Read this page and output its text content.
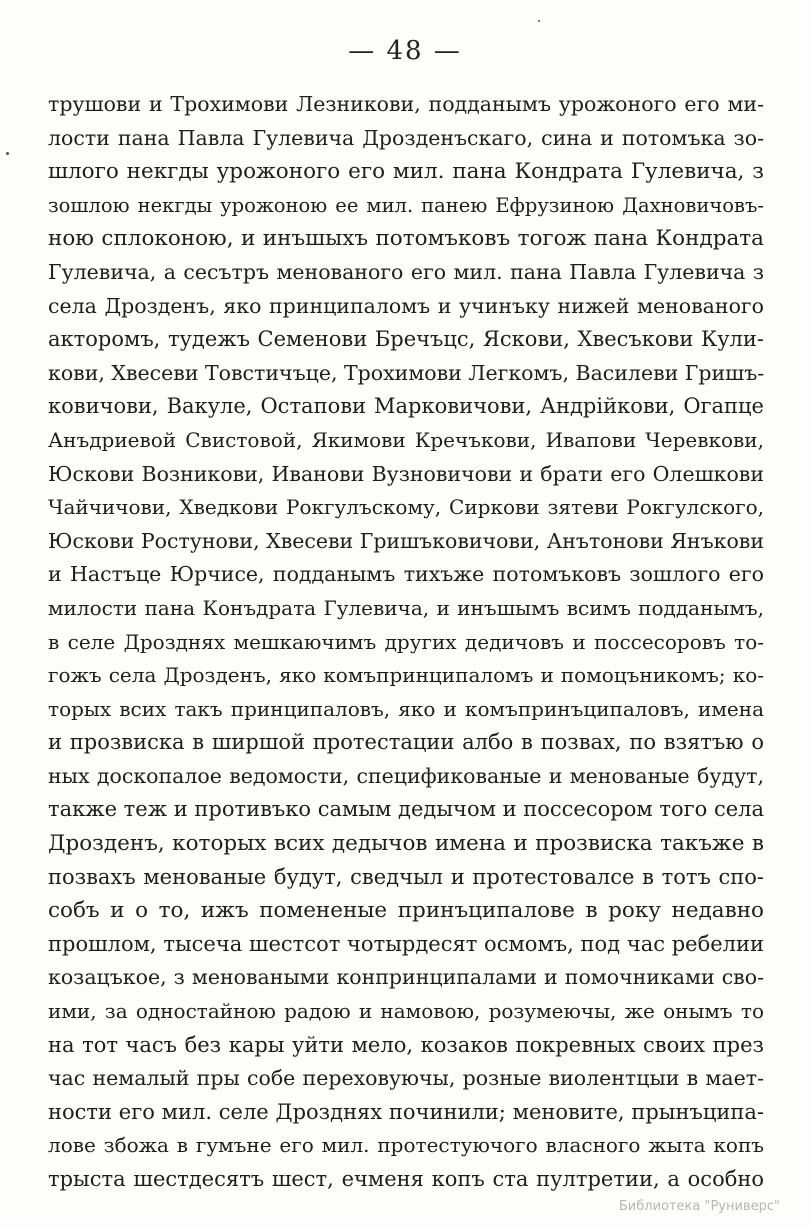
— 48 —
трушови и Трохимови Лезникови, подданымъ урожоного его ми-
лости пана Павла Гулевича Дрозденъскаго, сина и потомъка зо-
шлого некгды урожоного его мил. пана Кондрата Гулевича, з
зошлою некгды урожоною ее мил. панею Ефрузиною Дахновичовъ-
ною сплоконою, и инъшыхъ потомъковъ тогож пана Кондрата
Гулевича, а сесътръ менованого его мил. пана Павла Гулевича з
села Дрозденъ, яко принципаломъ и учинъку нижей менованого
акторомъ, тудежъ Семенови Бречъцс, Яскови, Хвесъкови Кули-
кови, Хвесеви Товстичъце, Трохимови Легкомъ, Василеви Гришъ-
ковичови, Вакуле, Остапови Марковичови, Андрійкови, Огапце
Анъдриевой Свистовой, Якимови Кречъкови, Ивапови Черевкови,
Юскови Возникови, Иванови Вузновичови и брати его Олешкови
Чайчичови, Хведкови Рокгулъскому, Сиркови зятеви Рокгулского,
Юскови Ростунови, Хвесеви Гришъковичови, Анътонови Янъкови
и Настъце Юрчисе, подданымъ тихъже потомъковъ зошлого его
милости пана Конъдрата Гулевича, и инъшымъ всимъ подданымъ,
в селе Дроздняx мешкаючимъ других дедичовъ и поссесоровъ то-
гожъ села Дрозденъ, яко комъпринципаломъ и помоцъникомъ; ко-
торых всих такъ принципаловъ, яко и комъпринъципаловъ, имена
и прозвиска в ширшой протестации албо в позвах, по взятъю о
ных доскопалое ведомости, спецификованые и менованые будут,
также теж и противъко самым дедычом и поссесором того села
Дрозденъ, которых всих дедычов имена и прозвиска такъже в
позвахъ менованые будут, сведчыл и протестовалсе в тотъ спо-
собъ и о то, ижъ помененые принъципалове в року недавно
прошлом, тысеча шестсот чотырдесят осмомъ, под час ребелии
козацъкое, з меноваными конпринципалами и помочниками сво-
ими, за одностайною радою и намовою, розумеючы, же онымъ то
на тот часъ без кары уйти мело, козаков покревных своих през
час немалый пры собе переховуючы, розные виолентцыи в мает-
ности его мил. селе Дроздняx починили; менoвите, прынъципа-
лове збожа в гумъне его мил. протестуючого власного жыта копъ
трыста шестдесятъ шест, ечменя копъ ста пултретии, а особно
Библиотека "Руниверс"
